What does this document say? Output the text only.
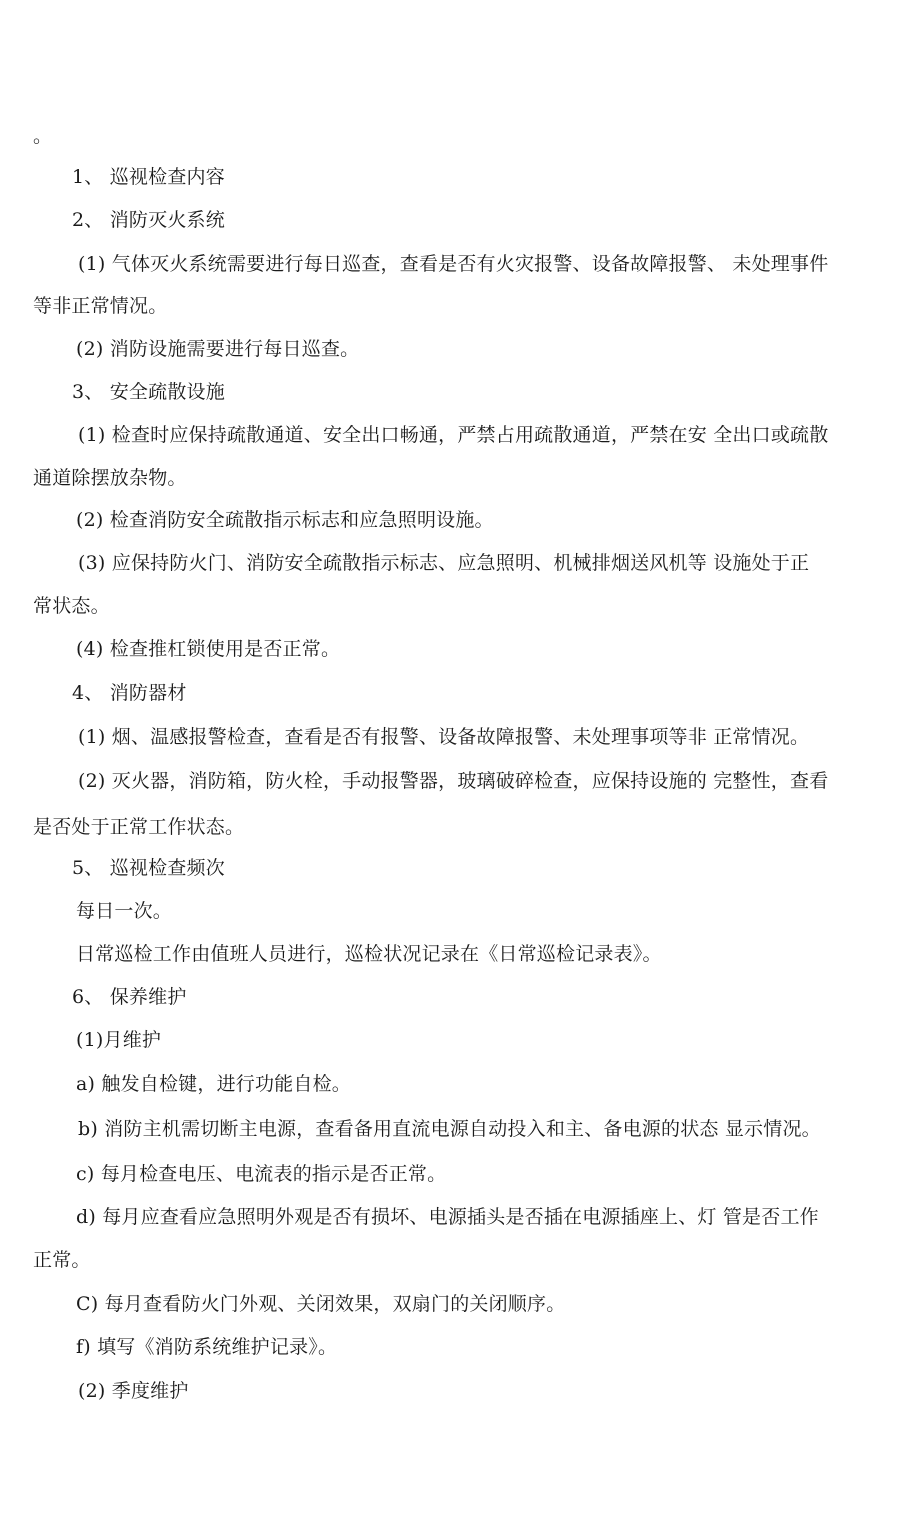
。

1、 巡视检查内容

2、 消防灭火系统

(1) 气体灭火系统需要进行每日巡查，查看是否有火灾报警、设备故障报警、 未处理事件

等非正常情况。

(2) 消防设施需要进行每日巡查。

3、 安全疏散设施

(1) 检查时应保持疏散通道、安全出口畅通，严禁占用疏散通道，严禁在安 全出口或疏散

通道除摆放杂物。

(2) 检查消防安全疏散指示标志和应急照明设施。

(3) 应保持防火门、消防安全疏散指示标志、应急照明、机械排烟送风机等 设施处于正

常状态。

(4) 检查推杠锁使用是否正常。

4、 消防器材

(1) 烟、温感报警检查，查看是否有报警、设备故障报警、未处理事项等非 正常情况。

(2) 灭火器，消防箱，防火栓，手动报警器，玻璃破碎检查，应保持设施的 完整性，查看

是否处于正常工作状态。

5、 巡视检查频次

每日一次。

日常巡检工作由值班人员进行，巡检状况记录在《日常巡检记录表》。

6、 保养维护

(1)月维护

a) 触发自检键，进行功能自检。

b) 消防主机需切断主电源，查看备用直流电源自动投入和主、备电源的状态 显示情况。

c) 每月检查电压、电流表的指示是否正常。

d) 每月应查看应急照明外观是否有损坏、电源插头是否插在电源插座上、灯 管是否工作

正常。

C) 每月查看防火门外观、关闭效果，双扇门的关闭顺序。

f) 填写《消防系统维护记录》。

(2) 季度维护
